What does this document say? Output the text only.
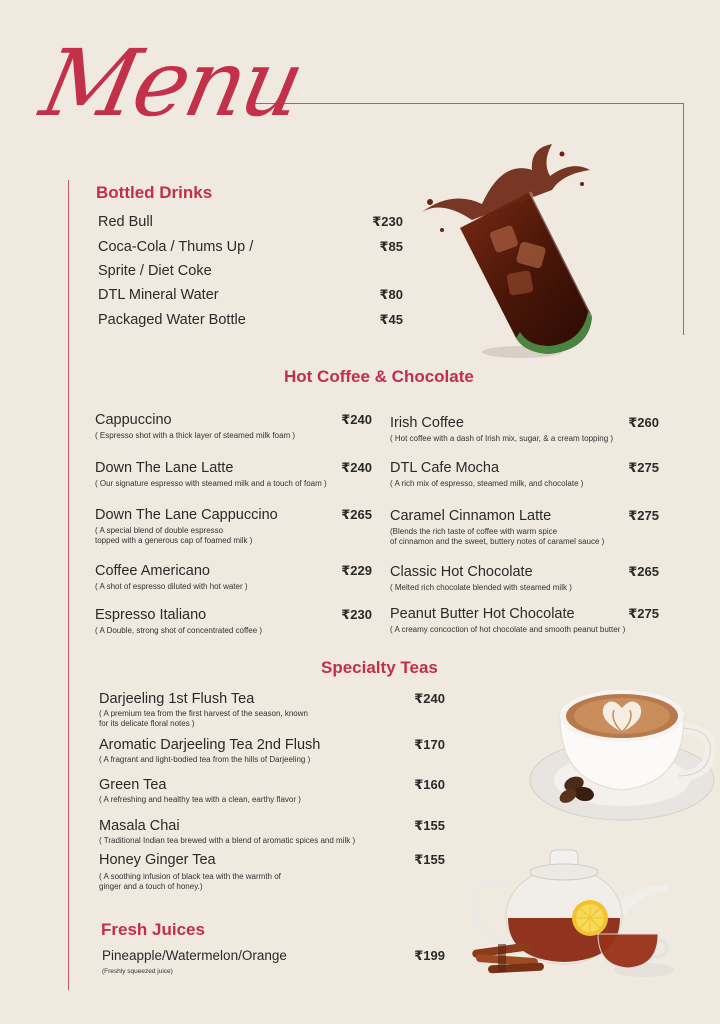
Menu
Bottled Drinks
Red Bull	₹230
Coca-Cola / Thums Up /	₹85
Sprite / Diet Coke
DTL Mineral Water	₹80
Packaged Water Bottle	₹45
Hot Coffee & Chocolate
Cappuccino	₹240
( Espresso shot with a thick layer of steamed milk foam )
Down The Lane Latte	₹240
( Our signature espresso with steamed milk and a touch of foam )
Down The Lane Cappuccino	₹265
( A special blend of double espresso
topped with a generous cap of foamed milk )
Coffee Americano	₹229
( A shot of espresso diluted with hot water )
Espresso Italiano	₹230
( A Double, strong shot of concentrated coffee )
Irish Coffee	₹260
( Hot coffee with a dash of Irish mix, sugar, & a cream topping )
DTL Cafe Mocha	₹275
( A rich mix of espresso, steamed milk, and chocolate )
Caramel Cinnamon Latte	₹275
(Blends the rich taste of coffee with warm spice
of cinnamon and the sweet, buttery notes of caramel sauce )
Classic Hot Chocolate	₹265
( Melted rich chocolate blended with steamed milk )
Peanut Butter Hot Chocolate	₹275
( A creamy concoction of hot chocolate and smooth peanut butter )
Specialty Teas
Darjeeling 1st Flush Tea	₹240
( A premium tea from the first harvest of the season, known
for its delicate floral notes )
Aromatic Darjeeling Tea 2nd Flush	₹170
( A fragrant and light-bodied tea from the hills of Darjeeling )
Green Tea	₹160
( A refreshing and healthy tea with a clean, earthy flavor )
Masala Chai	₹155
( Traditional Indian tea brewed with a blend of aromatic spices and milk )
Honey Ginger Tea	₹155
( A soothing infusion of black tea with the warmth of
ginger and a touch of honey.)
Fresh Juices
Pineapple/Watermelon/Orange	₹199
(Freshly squeezed juice)
